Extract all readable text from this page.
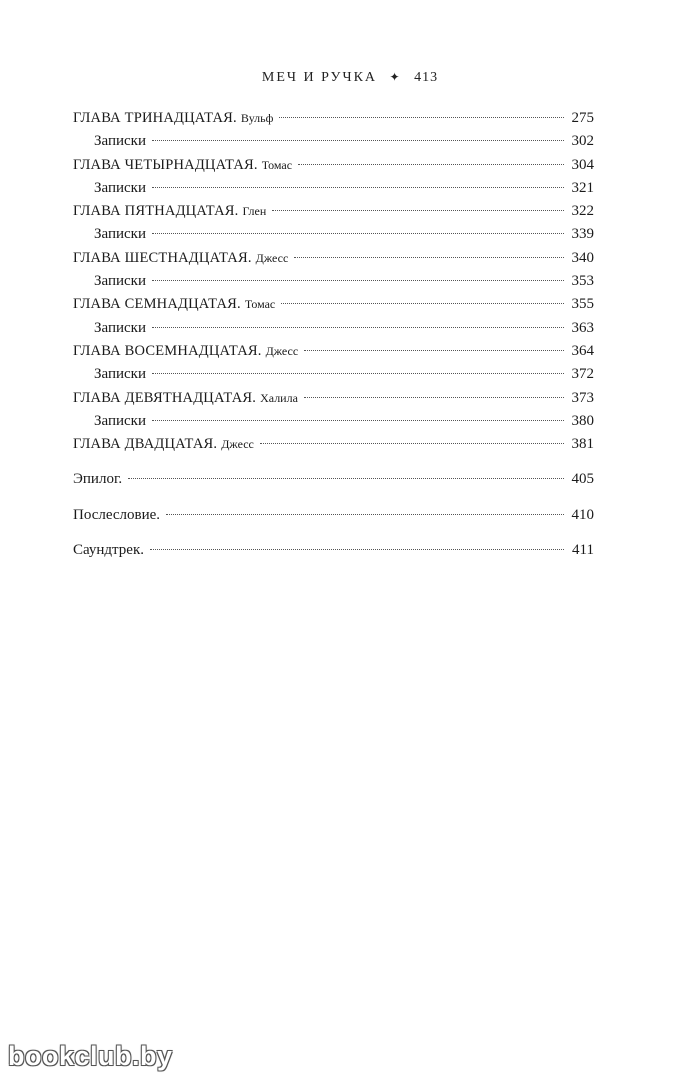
МЕЧ И РУЧКА ✦ 413
ГЛАВА ТРИНАДЦАТАЯ. Вульф	275
Записки	302
ГЛАВА ЧЕТЫРНАДЦАТАЯ. Томас	304
Записки	321
ГЛАВА ПЯТНАДЦАТАЯ. Глен	322
Записки	339
ГЛАВА ШЕСТНАДЦАТАЯ. Джесс	340
Записки	353
ГЛАВА СЕМНАДЦАТАЯ. Томас	355
Записки	363
ГЛАВА ВОСЕМНАДЦАТАЯ. Джесс	364
Записки	372
ГЛАВА ДЕВЯТНАДЦАТАЯ. Халила	373
Записки	380
ГЛАВА ДВАДЦАТАЯ. Джесс	381
Эпилог.	405
Послесловие.	410
Саундтрек.	411
bookclub.by
